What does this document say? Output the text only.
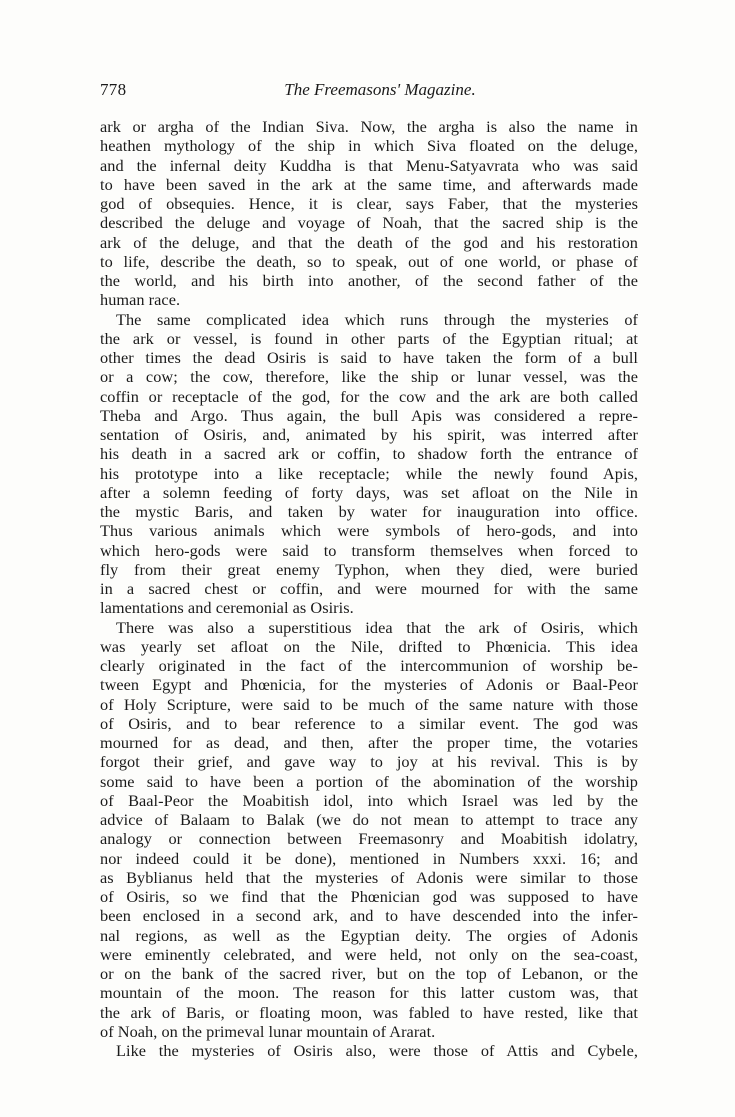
778	The Freemasons' Magazine.
ark or argha of the Indian Siva. Now, the argha is also the name in
heathen mythology of the ship in which Siva floated on the deluge,
and the infernal deity Kuddha is that Menu-Satyavrata who was said
to have been saved in the ark at the same time, and afterwards made
god of obsequies. Hence, it is clear, says Faber, that the mysteries
described the deluge and voyage of Noah, that the sacred ship is the
ark of the deluge, and that the death of the god and his restoration
to life, describe the death, so to speak, out of one world, or phase of
the world, and his birth into another, of the second father of the
human race.
The same complicated idea which runs through the mysteries of
the ark or vessel, is found in other parts of the Egyptian ritual; at
other times the dead Osiris is said to have taken the form of a bull
or a cow; the cow, therefore, like the ship or lunar vessel, was the
coffin or receptacle of the god, for the cow and the ark are both called
Theba and Argo. Thus again, the bull Apis was considered a repre-
sentation of Osiris, and, animated by his spirit, was interred after
his death in a sacred ark or coffin, to shadow forth the entrance of
his prototype into a like receptacle; while the newly found Apis,
after a solemn feeding of forty days, was set afloat on the Nile in
the mystic Baris, and taken by water for inauguration into office.
Thus various animals which were symbols of hero-gods, and into
which hero-gods were said to transform themselves when forced to
fly from their great enemy Typhon, when they died, were buried
in a sacred chest or coffin, and were mourned for with the same
lamentations and ceremonial as Osiris.
There was also a superstitious idea that the ark of Osiris, which
was yearly set afloat on the Nile, drifted to Phœnicia. This idea
clearly originated in the fact of the intercommunion of worship be-
tween Egypt and Phœnicia, for the mysteries of Adonis or Baal-Peor
of Holy Scripture, were said to be much of the same nature with those
of Osiris, and to bear reference to a similar event. The god was
mourned for as dead, and then, after the proper time, the votaries
forgot their grief, and gave way to joy at his revival. This is by
some said to have been a portion of the abomination of the worship
of Baal-Peor the Moabitish idol, into which Israel was led by the
advice of Balaam to Balak (we do not mean to attempt to trace any
analogy or connection between Freemasonry and Moabitish idolatry,
nor indeed could it be done), mentioned in Numbers xxxi. 16; and
as Byblianus held that the mysteries of Adonis were similar to those
of Osiris, so we find that the Phœnician god was supposed to have
been enclosed in a second ark, and to have descended into the infer-
nal regions, as well as the Egyptian deity. The orgies of Adonis
were eminently celebrated, and were held, not only on the sea-coast,
or on the bank of the sacred river, but on the top of Lebanon, or the
mountain of the moon. The reason for this latter custom was, that
the ark of Baris, or floating moon, was fabled to have rested, like that
of Noah, on the primeval lunar mountain of Ararat.
Like the mysteries of Osiris also, were those of Attis and Cybele,
